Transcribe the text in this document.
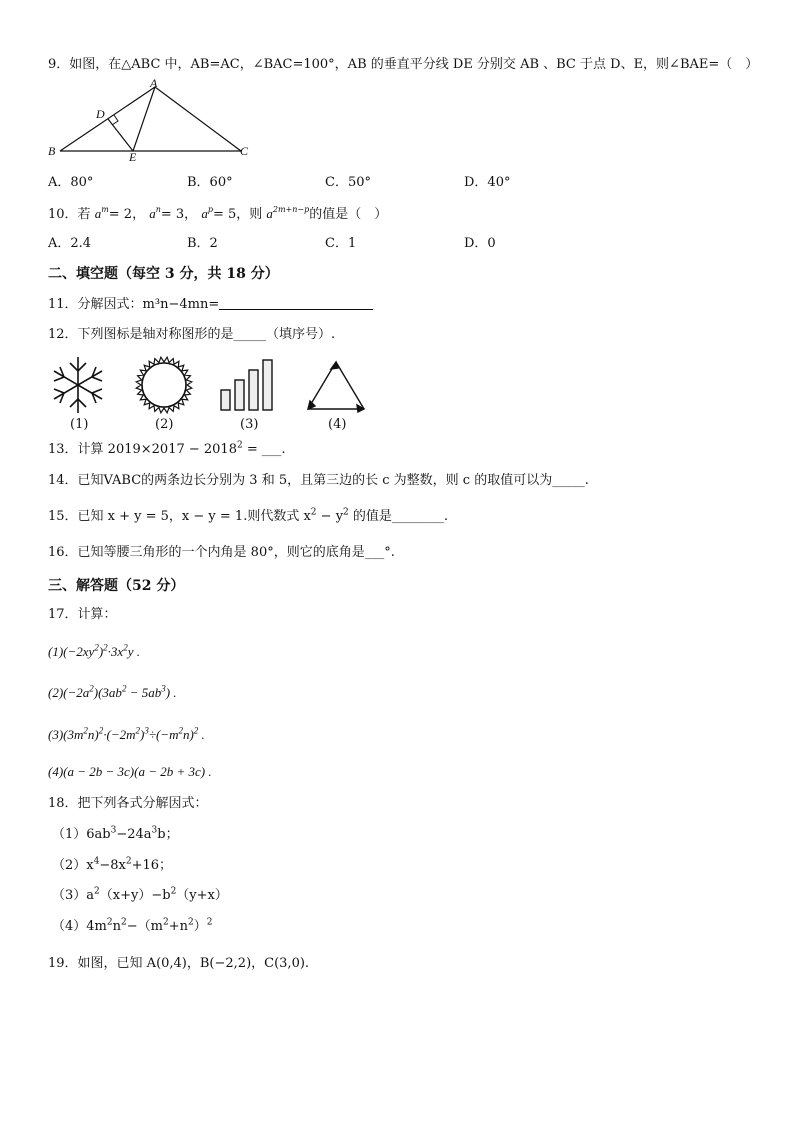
9．如图，在△ABC 中，AB=AC，∠BAC=100°，AB 的垂直平分线 DE 分别交 AB 、BC 于点 D、E，则∠BAE=（　）
A
D
B	E	C
A．80°	B．60°	C．50°	D．40°
10．若 $a^m= 2$， $a^n= 3$， $a^p= 5$，则 $a^{2m+n-p}$的值是（　）
A．2.4	B．2	C．1	D．0
二、填空题（每空 3 分，共 18 分）
11．分解因式：m³n−4mn=
12．下列图标是轴对称图形的是_____（填序号）.
(1)	(2)	(3)	(4)
13．计算 $2019\times 2017 - 2018^2$ = ___.
14．已知VABC的两条边长分别为 3 和 5，且第三边的长 c 为整数，则 c 的取值可以为_____.
15．已知 x + y = 5，x − y = 1.则代数式 $x^2 - y^2$ 的值是________.
16．已知等腰三角形的一个内角是 80°，则它的底角是___°.
三、解答题（52 分）
17．计算：
$(1)(-2xy^2)^2\cdot 3x^2y$ .
$(2)(-2a^2)(3ab^2 - 5ab^3)$ .
$(3)(3m^2n)^2\cdot(-2m^2)^3\div(-m^2n)^2$ .
(4)(a − 2b − 3c)(a − 2b + 3c) .
18．把下列各式分解因式：
$(1)6ab^3-24a^3b$；
$(2)x^4-8x^2+16$；
$(3)a^2(x+y)-b^2(y+x)$
$(4)4m^2n^2-(m^2+n^2)^2$
19．如图，已知 A(0,4)，B(−2,2)，C(3,0).
